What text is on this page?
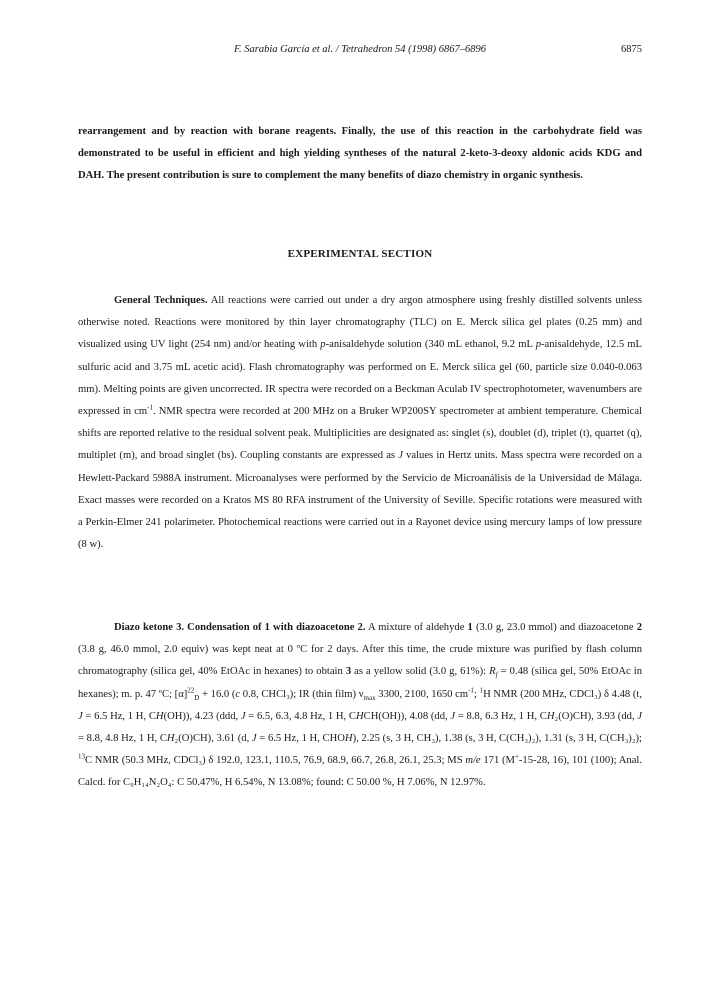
F. Sarabia García et al. / Tetrahedron 54 (1998) 6867–6896	6875
rearrangement and by reaction with borane reagents. Finally, the use of this reaction in the carbohydrate field was demonstrated to be useful in efficient and high yielding syntheses of the natural 2-keto-3-deoxy aldonic acids KDG and DAH. The present contribution is sure to complement the many benefits of diazo chemistry in organic synthesis.
EXPERIMENTAL SECTION
General Techniques. All reactions were carried out under a dry argon atmosphere using freshly distilled solvents unless otherwise noted. Reactions were monitored by thin layer chromatography (TLC) on E. Merck silica gel plates (0.25 mm) and visualized using UV light (254 nm) and/or heating with p-anisaldehyde solution (340 mL ethanol, 9.2 mL p-anisaldehyde, 12.5 mL sulfuric acid and 3.75 mL acetic acid). Flash chromatography was performed on E. Merck silica gel (60, particle size 0.040-0.063 mm). Melting points are given uncorrected. IR spectra were recorded on a Beckman Aculab IV spectrophotometer, wavenumbers are expressed in $cm^{-1}$. NMR spectra were recorded at 200 MHz on a Bruker WP200SY spectrometer at ambient temperature. Chemical shifts are reported relative to the residual solvent peak. Multiplicities are designated as: singlet (s), doublet (d), triplet (t), quartet (q), multiplet (m), and broad singlet (bs). Coupling constants are expressed as J values in Hertz units. Mass spectra were recorded on a Hewlett-Packard 5988A instrument. Microanalyses were performed by the Servicio de Microanálisis de la Universidad de Málaga. Exact masses were recorded on a Kratos MS 80 RFA instrument of the University of Seville. Specific rotations were measured with a Perkin-Elmer 241 polarimeter. Photochemical reactions were carried out in a Rayonet device using mercury lamps of low pressure (8 w).
Diazo ketone 3. Condensation of 1 with diazoacetone 2. A mixture of aldehyde 1 (3.0 g, 23.0 mmol) and diazoacetone 2 (3.8 g, 46.0 mmol, 2.0 equiv) was kept neat at 0 ºC for 2 days. After this time, the crude mixture was purified by flash column chromatography (silica gel, 40% EtOAc in hexanes) to obtain 3 as a yellow solid (3.0 g, 61%): $R_f = 0.48$ (silica gel, 50% EtOAc in hexanes); m. p. 47 ºC; $[\alpha]^{22}_D + 16.0$ (c 0.8, CHCl₃); IR (thin film) $\nu_{max}$ 3300, 2100, 1650 $cm^{-1}$; $^1$H NMR (200 MHz, CDCl₃) δ 4.48 (t, J = 6.5 Hz, 1 H, CH(OH)), 4.23 (ddd, J = 6.5, 6.3, 4.8 Hz, 1 H, CHCH(OH)), 4.08 (dd, J = 8.8, 6.3 Hz, 1 H, CH₂(O)CH), 3.93 (dd, J = 8.8, 4.8 Hz, 1 H, CH₂(O)CH), 3.61 (d, J = 6.5 Hz, 1 H, CHOH), 2.25 (s, 3 H, CH₃), 1.38 (s, 3 H, C(CH₃)₂), 1.31 (s, 3 H, C(CH₃)₂); $^{13}$C NMR (50.3 MHz, CDCl₃) δ 192.0, 123.1, 110.5, 76.9, 68.9, 66.7, 26.8, 26.1, 25.3; MS m/e 171 (M+-15-28, 16), 101 (100); Anal. Calcd. for C₉H₁₄N₂O₄: C 50.47%, H 6.54%, N 13.08%; found: C 50.00 %, H 7.06%, N 12.97%.
